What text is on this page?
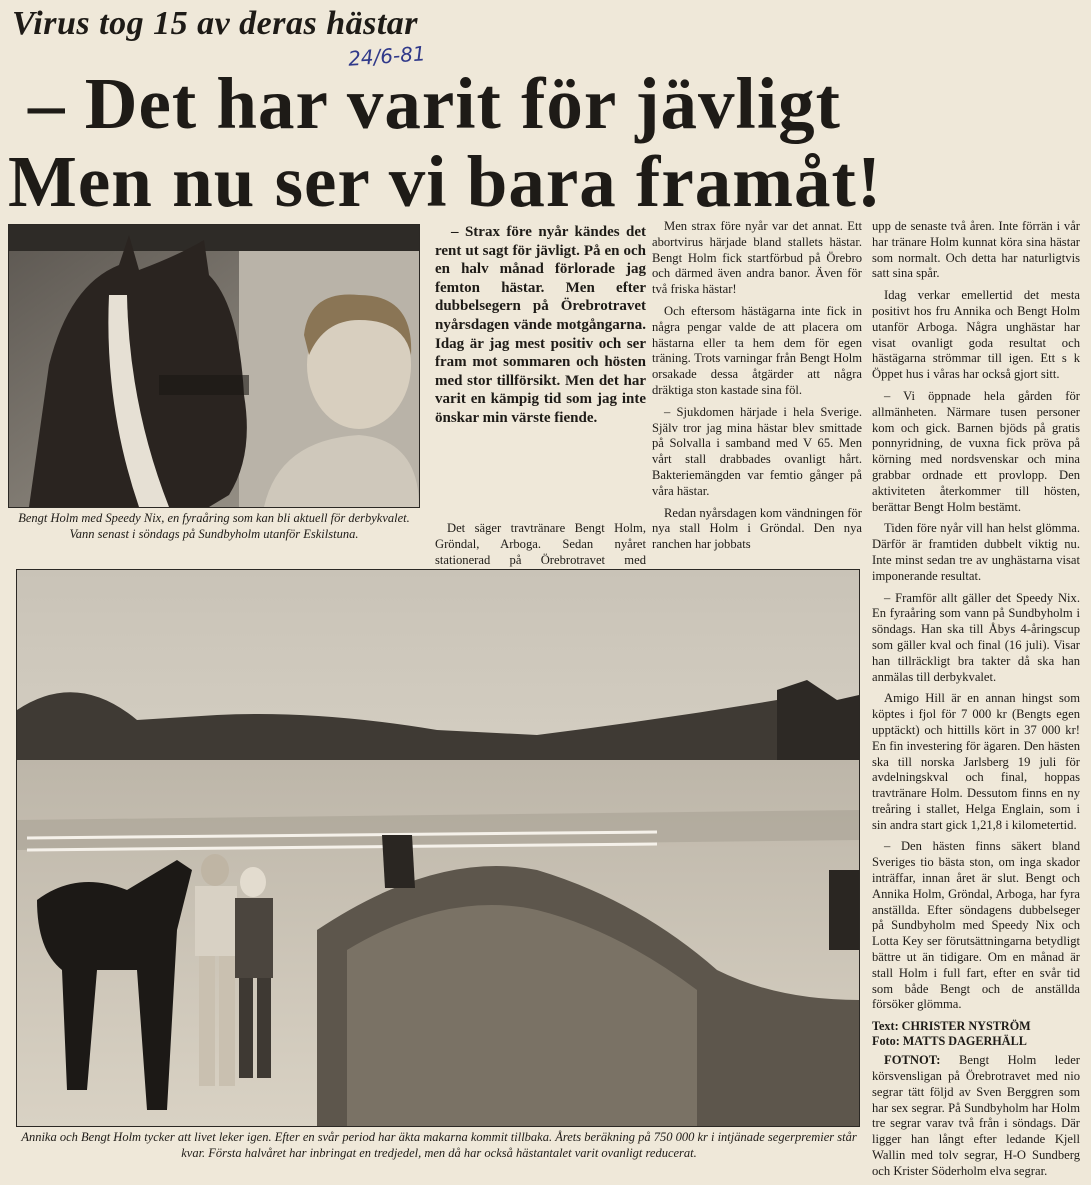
Virus tog 15 av deras hästar
24/6-81
– Det har varit för jävligt
Men nu ser vi bara framåt!
Bengt Holm med Speedy Nix, en fyraåring som kan bli aktuell för derbykvalet. Vann senast i söndags på Sundbyholm utanför Eskilstuna.

– Strax före nyår kändes det rent ut sagt för jävligt. På en och en halv månad förlorade jag femton hästar. Men efter dubbelsegern på Örebrotravet nyårsdagen vände motgångarna. Idag är jag mest positiv och ser fram mot sommaren och hösten med stor tillförsikt. Men det har varit en kämpig tid som jag inte önskar min värste fiende.

Det säger travtränare Bengt Holm, Gröndal, Arboga. Sedan nyåret stationerad på Örebrotravet med

Men strax före nyår var det annat. Ett abortvirus härjade bland stallets hästar. Bengt Holm fick startförbud på Örebro och därmed även andra banor. Även för två friska hästar!

Och eftersom hästägarna inte fick in några pengar valde de att placera om hästarna eller ta hem dem för egen träning. Trots varningar från Bengt Holm orsakade dessa åtgärder att några dräktiga ston kastade sina föl.

– Sjukdomen härjade i hela Sverige. Själv tror jag mina hästar blev smittade på Solvalla i samband med V 65. Men vårt stall drabbades ovanligt hårt. Bakteriemängden var femtio gånger på våra hästar.

Redan nyårsdagen kom vändningen för nya stall Holm i Gröndal. Den nya ranchen har jobbats

upp de senaste två åren. Inte förrän i vår har tränare Holm kunnat köra sina hästar som normalt. Och detta har naturligtvis satt sina spår.

Idag verkar emellertid det mesta positivt hos fru Annika och Bengt Holm utanför Arboga. Några unghästar har visat ovanligt goda resultat och hästägarna strömmar till igen. Ett s k Öppet hus i våras har också gjort sitt.

– Vi öppnade hela gården för allmänheten. Närmare tusen personer kom och gick. Barnen bjöds på gratis ponnyridning, de vuxna fick pröva på körning med nordsvenskar och mina grabbar ordnade ett provlopp. Den aktiviteten återkommer till hösten, berättar Bengt Holm bestämt.

Tiden före nyår vill han helst glömma. Därför är framtiden dubbelt viktig nu. Inte minst sedan tre av unghästarna visat imponerande resultat.

– Framför allt gäller det Speedy Nix. En fyraåring som vann på Sundbyholm i söndags. Han ska till Åbys 4-åringscup som gäller kval och final (16 juli). Visar han tillräckligt bra takter då ska han anmälas till derbykvalet.

Amigo Hill är en annan hingst som köptes i fjol för 7 000 kr (Bengts egen upptäckt) och hittills kört in 37 000 kr! En fin investering för ägaren. Den hästen ska till norska Jarlsberg 19 juli för avdelningskval och final, hoppas travtränare Holm. Dessutom finns en ny treåring i stallet, Helga Englain, som i sin andra start gick 1,21,8 i kilometertid.

– Den hästen finns säkert bland Sveriges tio bästa ston, om inga skador inträffar, innan året är slut. Bengt och Annika Holm, Gröndal, Arboga, har fyra anställda. Efter söndagens dubbelseger på Sundbyholm med Speedy Nix och Lotta Key ser förutsättningarna betydligt bättre ut än tidigare. Om en månad är stall Holm i full fart, efter en svår tid som både Bengt och de anställda försöker glömma.

Text: CHRISTER NYSTRÖM
Foto: MATTS DAGERHÄLL
FOTNOT: Bengt Holm leder körsvensligan på Örebrotravet med nio segrar tätt följd av Sven Berggren som har sex segrar. På Sundbyholm har Holm tre segrar varav två från i söndags. Där ligger han långt efter ledande Kjell Wallin med tolv segrar, H-O Sundberg och Krister Söderholm elva segrar.
Annika och Bengt Holm tycker att livet leker igen. Efter en svår period har äkta makarna kommit tillbaka. Årets beräkning på 750 000 kr i intjänade segerpremier står kvar. Första halvåret har inbringat en tredjedel, men då har också hästantalet varit ovanligt reducerat.
